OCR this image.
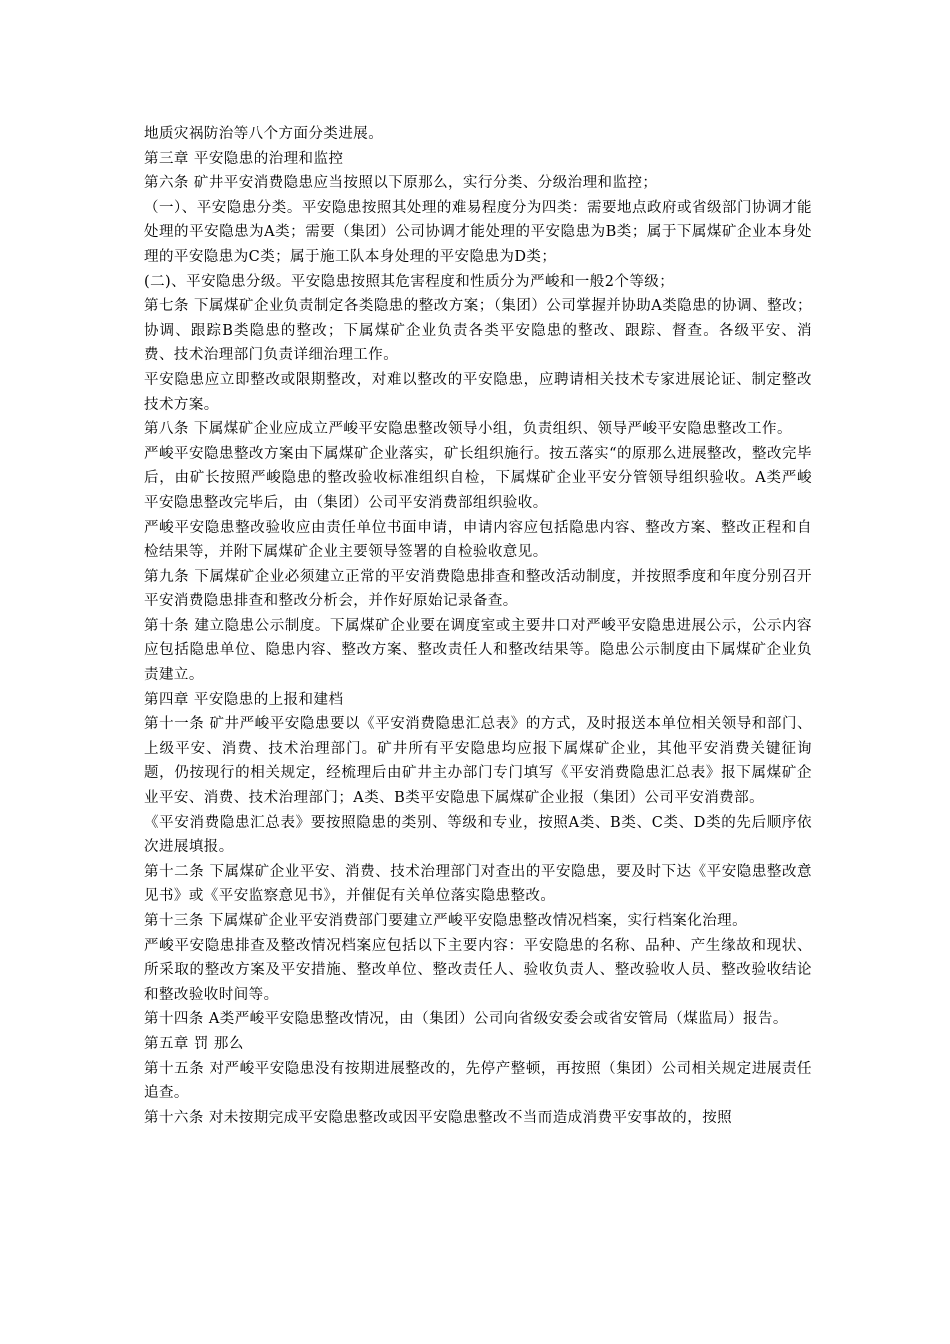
地质灾祸防治等八个方面分类进展。

第三章 平安隐患的治理和监控

第六条 矿井平安消费隐患应当按照以下原那么，实行分类、分级治理和监控；

（一）、平安隐患分类。平安隐患按照其处理的难易程度分为四类：需要地点政府或省级部门协调才能处理的平安隐患为A类；需要（集团）公司协调才能处理的平安隐患为B类；属于下属煤矿企业本身处理的平安隐患为C类；属于施工队本身处理的平安隐患为D类；

(二)、平安隐患分级。平安隐患按照其危害程度和性质分为严峻和一般2个等级；

第七条 下属煤矿企业负责制定各类隐患的整改方案；（集团）公司掌握并协助A类隐患的协调、整改；协调、跟踪B类隐患的整改；下属煤矿企业负责各类平安隐患的整改、跟踪、督查。各级平安、消费、技术治理部门负责详细治理工作。

平安隐患应立即整改或限期整改，对难以整改的平安隐患，应聘请相关技术专家进展论证、制定整改技术方案。

第八条 下属煤矿企业应成立严峻平安隐患整改领导小组，负责组织、领导严峻平安隐患整改工作。

严峻平安隐患整改方案由下属煤矿企业落实，矿长组织施行。按五落实“的原那么进展整改，整改完毕后，由矿长按照严峻隐患的整改验收标准组织自检，下属煤矿企业平安分管领导组织验收。A类严峻平安隐患整改完毕后，由（集团）公司平安消费部组织验收。

严峻平安隐患整改验收应由责任单位书面申请，申请内容应包括隐患内容、整改方案、整改正程和自检结果等，并附下属煤矿企业主要领导签署的自检验收意见。

第九条 下属煤矿企业必须建立正常的平安消费隐患排查和整改活动制度，并按照季度和年度分别召开平安消费隐患排查和整改分析会，并作好原始记录备查。

第十条 建立隐患公示制度。下属煤矿企业要在调度室或主要井口对严峻平安隐患进展公示，公示内容应包括隐患单位、隐患内容、整改方案、整改责任人和整改结果等。隐患公示制度由下属煤矿企业负责建立。

第四章 平安隐患的上报和建档

第十一条 矿井严峻平安隐患要以《平安消费隐患汇总表》的方式，及时报送本单位相关领导和部门、上级平安、消费、技术治理部门。矿井所有平安隐患均应报下属煤矿企业，其他平安消费关键征询题，仍按现行的相关规定，经梳理后由矿井主办部门专门填写《平安消费隐患汇总表》报下属煤矿企业平安、消费、技术治理部门；A类、B类平安隐患下属煤矿企业报（集团）公司平安消费部。

《平安消费隐患汇总表》要按照隐患的类别、等级和专业，按照A类、B类、C类、D类的先后顺序依次进展填报。

第十二条 下属煤矿企业平安、消费、技术治理部门对查出的平安隐患，要及时下达《平安隐患整改意见书》或《平安监察意见书》，并催促有关单位落实隐患整改。

第十三条 下属煤矿企业平安消费部门要建立严峻平安隐患整改情况档案，实行档案化治理。

严峻平安隐患排查及整改情况档案应包括以下主要内容：平安隐患的名称、品种、产生缘故和现状、所采取的整改方案及平安措施、整改单位、整改责任人、验收负责人、整改验收人员、整改验收结论和整改验收时间等。

第十四条 A类严峻平安隐患整改情况，由（集团）公司向省级安委会或省安管局（煤监局）报告。

第五章 罚 那么

第十五条 对严峻平安隐患没有按期进展整改的，先停产整顿，再按照（集团）公司相关规定进展责任追查。

第十六条 对未按期完成平安隐患整改或因平安隐患整改不当而造成消费平安事故的，按照
